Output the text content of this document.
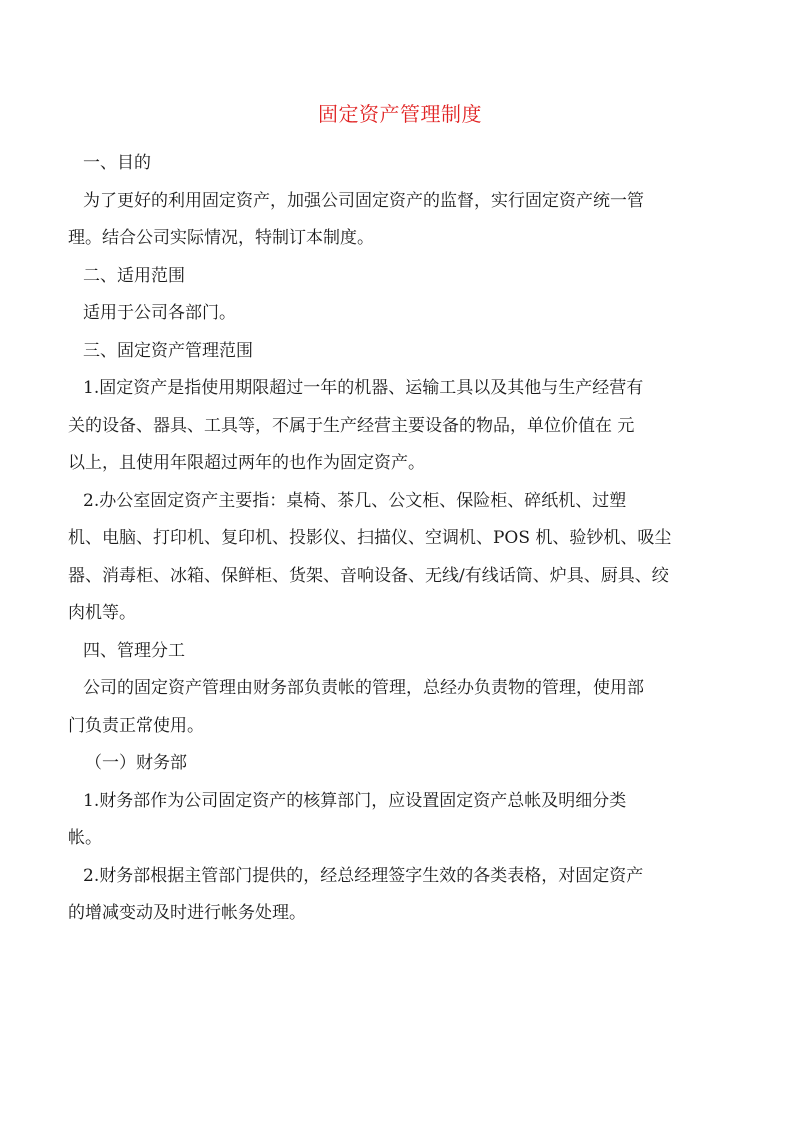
固定资产管理制度
一、目的
为了更好的利用固定资产，加强公司固定资产的监督，实行固定资产统一管
理。结合公司实际情况，特制订本制度。
二、适用范围
适用于公司各部门。
三、固定资产管理范围
1.固定资产是指使用期限超过一年的机器、运输工具以及其他与生产经营有
关的设备、器具、工具等，不属于生产经营主要设备的物品，单位价值在 元
以上，且使用年限超过两年的也作为固定资产。
2.办公室固定资产主要指：桌椅、茶几、公文柜、保险柜、碎纸机、过塑
机、电脑、打印机、复印机、投影仪、扫描仪、空调机、POS 机、验钞机、吸尘
器、消毒柜、冰箱、保鲜柜、货架、音响设备、无线/有线话筒、炉具、厨具、绞
肉机等。
四、管理分工
公司的固定资产管理由财务部负责帐的管理，总经办负责物的管理，使用部
门负责正常使用。
（一）财务部
1.财务部作为公司固定资产的核算部门，应设置固定资产总帐及明细分类
帐。
2.财务部根据主管部门提供的，经总经理签字生效的各类表格，对固定资产
的增减变动及时进行帐务处理。
